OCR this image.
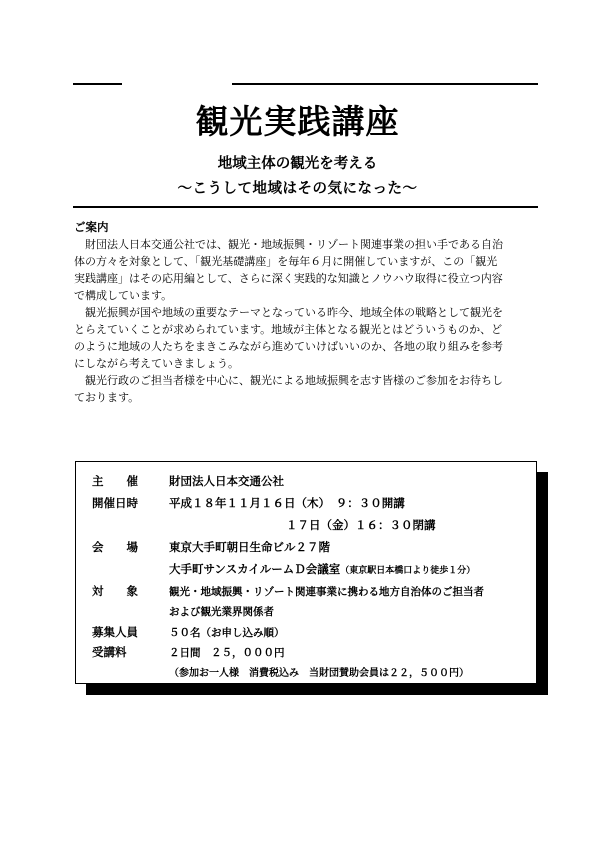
観光実践講座
地域主体の観光を考える
～こうして地域はその気になった～
ご案内
　財団法人日本交通公社では、観光・地域振興・リゾート関連事業の担い手である自治
体の方々を対象として、「観光基礎講座」を毎年６月に開催していますが、この「観光
実践講座」はその応用編として、さらに深く実践的な知識とノウハウ取得に役立つ内容
で構成しています。
　観光振興が国や地域の重要なテーマとなっている昨今、地域全体の戦略として観光を
とらえていくことが求められています。地域が主体となる観光とはどういうものか、ど
のように地域の人たちをまきこみながら進めていけばいいのか、各地の取り組みを参考
にしながら考えていきましょう。
　観光行政のご担当者様を中心に、観光による地域振興を志す皆様のご参加をお待ちし
ております。
主　　催	財団法人日本交通公社
開催日時	平成１８年１１月１６日（木）　９：３０開講
１７日（金）１６：３０閉講
会　　場	東京大手町朝日生命ビル２７階
大手町サンスカイルームＤ会議室（東京駅日本橋口より徒歩１分）
対　　象	観光・地域振興・リゾート関連事業に携わる地方自治体のご担当者
および観光業界関係者
募集人員	５０名（お申し込み順）
受講料	２日間　２５，０００円
（参加お一人様　消費税込み　当財団賛助会員は２２，５００円）
